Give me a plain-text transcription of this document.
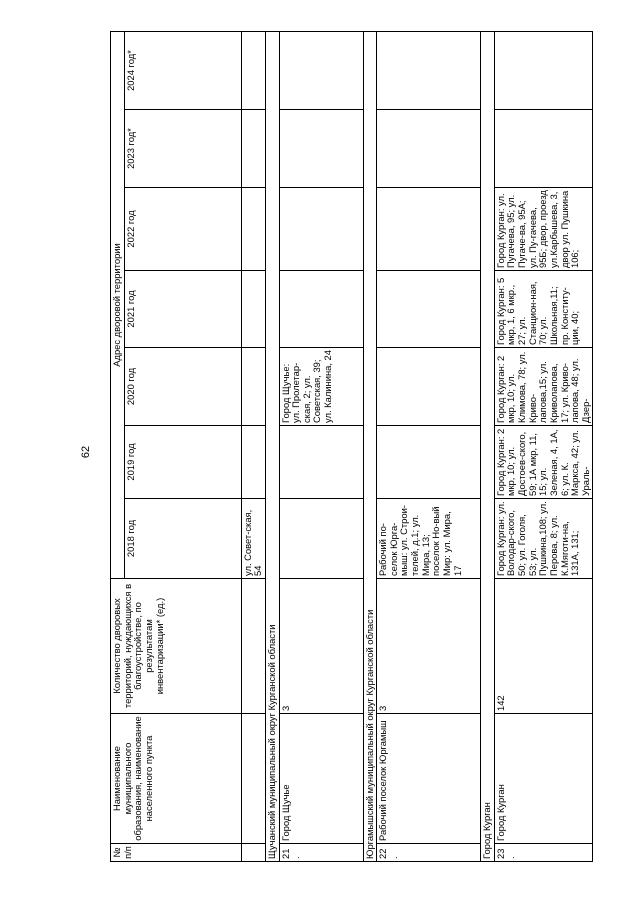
62
№ п/п	Наименование муниципального образования, наименование населенного пункта	Количество дворовых территорий, нуждающихся в благоустройстве, по результатам инвентаризации* (ед.)	Адрес дворовой территории						
			2018 год	2019 год	2020 год	2021 год	2022 год	2023 год*	2024 год*
			ул. Совет-ская, 54						
Щучанский муниципальный округ Курганской области									
21.	Город Щучье	3			Город Щучье: ул. Пролетар-ская, 2; ул. Советская, 39; ул. Калинина, 24				
Юргамышский муниципальный округ Курганской области									
22.	Рабочий поселок Юргамыш	3	Рабочий по-селок Юрга-мыш: ул. Строи-телей, д.1; ул. Мира, 13; поселок Но-вый Мир: ул. Мира, 17						
Город Курган									
23.	Город Курган	142	Город Курган: ул. Володар-ского, 50; ул. Гоголя, 53; ул. Пушкина,108; ул. Перова, 8; ул. К.Мяготи-на, 131А, 131;	Город Курган: 2 мкр, 10; ул. Достоев-ского, 59; 1А мкр, 11, 15; ул. Зеленая, 4, 1А, 6; ул. К. Маркса, 42; ул. Ураль-	Город Курган: 2 мкр, 10; ул. Климова, 78; ул. Криво-лапова,15; ул. Криволапова, 17; ул. Криво-лапова, 48; ул. Дзер-	Город Курган: 5 мкр, 1, 6 мкр., 27; ул. Станцион-ная, 70; ул. Школьная,11; пр. Конститу-ции, 40;	Город Курган: ул. Пугачева, 95; ул. Пугаче-ва, 95А; ул. Пу-гачева, 95Б; двор, проезд ул.Карбышева, 3, двор ул. Пушкина 106;		
